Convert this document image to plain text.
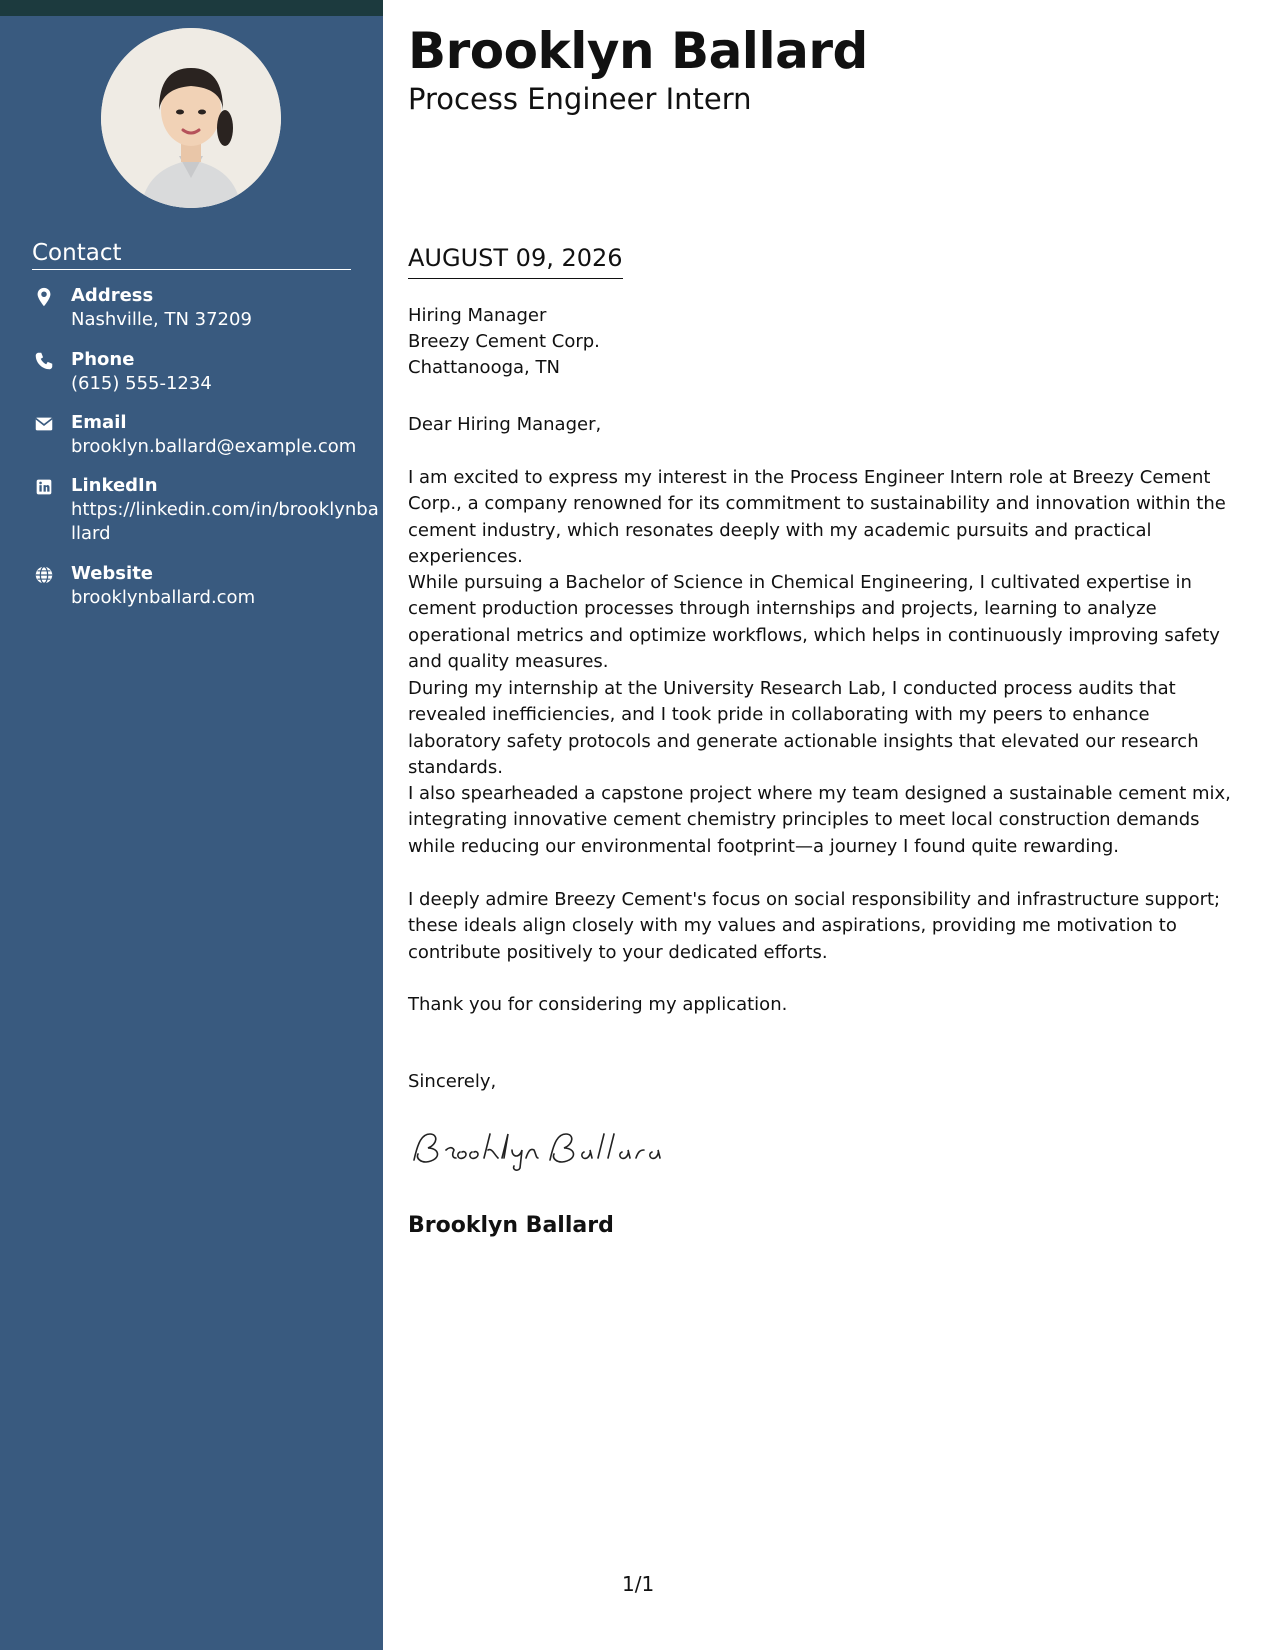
Contact
Address
Nashville, TN 37209
Phone
(615) 555-1234
Email
brooklyn.ballard@example.com
LinkedIn
https://linkedin.com/in/brooklynballard
Website
brooklynballard.com
Brooklyn Ballard
Process Engineer Intern
AUGUST 09, 2026
Hiring Manager
Breezy Cement Corp.
Chattanooga, TN
Dear Hiring Manager,
I am excited to express my interest in the Process Engineer Intern role at Breezy Cement Corp., a company renowned for its commitment to sustainability and innovation within the cement industry, which resonates deeply with my academic pursuits and practical experiences.
While pursuing a Bachelor of Science in Chemical Engineering, I cultivated expertise in cement production processes through internships and projects, learning to analyze operational metrics and optimize workflows, which helps in continuously improving safety and quality measures.
During my internship at the University Research Lab, I conducted process audits that revealed inefficiencies, and I took pride in collaborating with my peers to enhance laboratory safety protocols and generate actionable insights that elevated our research standards.
I also spearheaded a capstone project where my team designed a sustainable cement mix, integrating innovative cement chemistry principles to meet local construction demands while reducing our environmental footprint—a journey I found quite rewarding.
I deeply admire Breezy Cement's focus on social responsibility and infrastructure support; these ideals align closely with my values and aspirations, providing me motivation to contribute positively to your dedicated efforts.
Thank you for considering my application.
Sincerely,
Brooklyn Ballard
1/1
